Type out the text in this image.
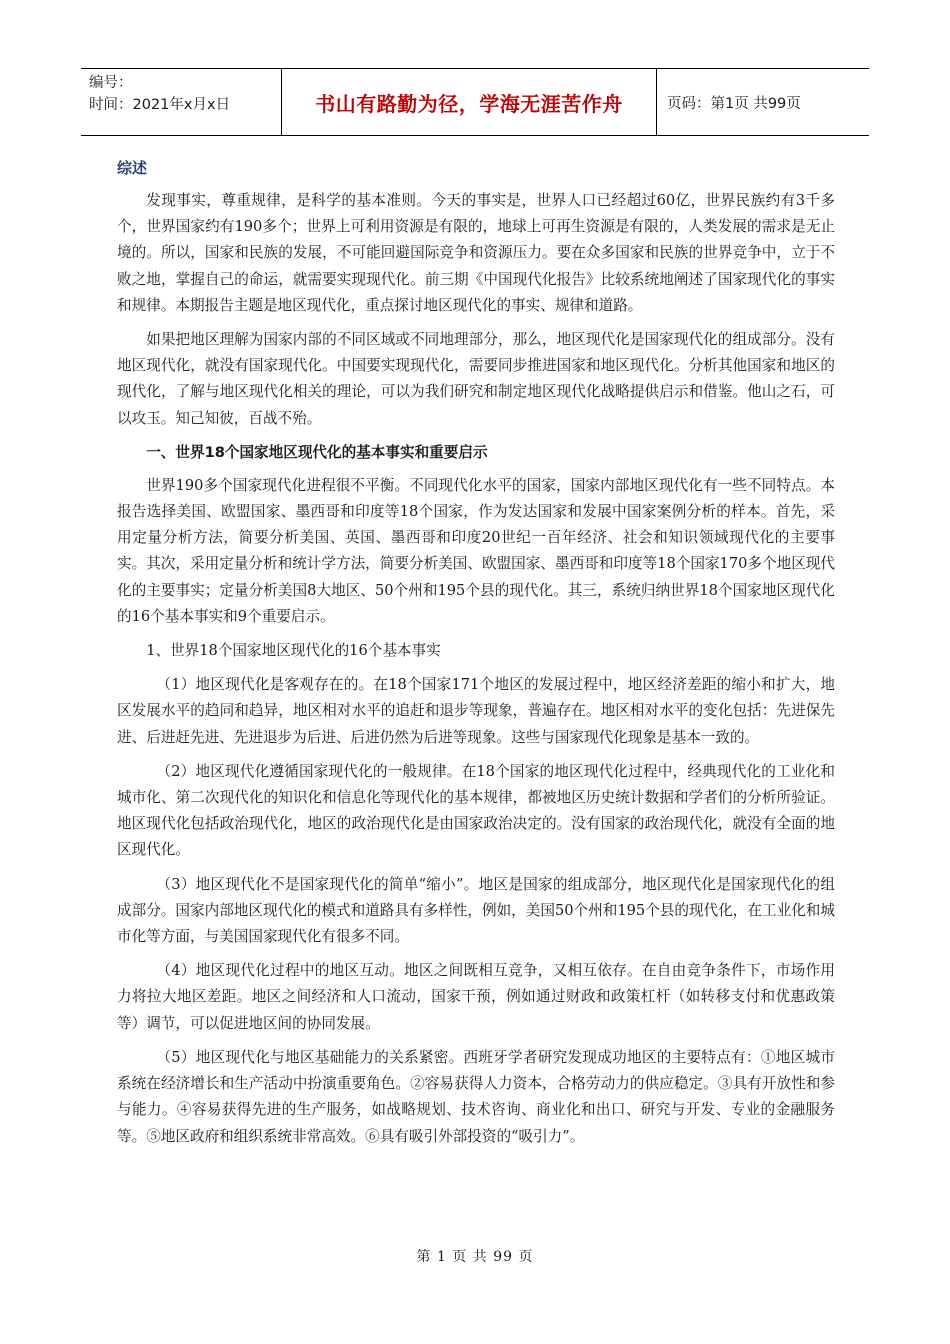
编号：
时间：2021年x月x日	书山有路勤为径，学海无涯苦作舟	页码：第1页 共99页
综述

发现事实，尊重规律，是科学的基本准则。今天的事实是，世界人口已经超过60亿，世界民族约有3千多个，世界国家约有190多个；世界上可利用资源是有限的，地球上可再生资源是有限的，人类发展的需求是无止境的。所以，国家和民族的发展，不可能回避国际竞争和资源压力。要在众多国家和民族的世界竞争中，立于不败之地，掌握自己的命运，就需要实现现代化。前三期《中国现代化报告》比较系统地阐述了国家现代化的事实和规律。本期报告主题是地区现代化，重点探讨地区现代化的事实、规律和道路。

如果把地区理解为国家内部的不同区域或不同地理部分，那么，地区现代化是国家现代化的组成部分。没有地区现代化，就没有国家现代化。中国要实现现代化，需要同步推进国家和地区现代化。分析其他国家和地区的现代化，了解与地区现代化相关的理论，可以为我们研究和制定地区现代化战略提供启示和借鉴。他山之石，可以攻玉。知己知彼，百战不殆。

一、世界18个国家地区现代化的基本事实和重要启示

世界190多个国家现代化进程很不平衡。不同现代化水平的国家，国家内部地区现代化有一些不同特点。本报告选择美国、欧盟国家、墨西哥和印度等18个国家，作为发达国家和发展中国家案例分析的样本。首先，采用定量分析方法，简要分析美国、英国、墨西哥和印度20世纪一百年经济、社会和知识领域现代化的主要事实。其次，采用定量分析和统计学方法，简要分析美国、欧盟国家、墨西哥和印度等18个国家170多个地区现代化的主要事实；定量分析美国8大地区、50个州和195个县的现代化。其三，系统归纳世界18个国家地区现代化的16个基本事实和9个重要启示。

1、世界18个国家地区现代化的16个基本事实

（1）地区现代化是客观存在的。在18个国家171个地区的发展过程中，地区经济差距的缩小和扩大，地区发展水平的趋同和趋异，地区相对水平的追赶和退步等现象，普遍存在。地区相对水平的变化包括：先进保先进、后进赶先进、先进退步为后进、后进仍然为后进等现象。这些与国家现代化现象是基本一致的。

（2）地区现代化遵循国家现代化的一般规律。在18个国家的地区现代化过程中，经典现代化的工业化和城市化、第二次现代化的知识化和信息化等现代化的基本规律，都被地区历史统计数据和学者们的分析所验证。地区现代化包括政治现代化，地区的政治现代化是由国家政治决定的。没有国家的政治现代化，就没有全面的地区现代化。

（3）地区现代化不是国家现代化的简单“缩小”。地区是国家的组成部分，地区现代化是国家现代化的组成部分。国家内部地区现代化的模式和道路具有多样性，例如，美国50个州和195个县的现代化，在工业化和城市化等方面，与美国国家现代化有很多不同。

（4）地区现代化过程中的地区互动。地区之间既相互竞争，又相互依存。在自由竞争条件下，市场作用力将拉大地区差距。地区之间经济和人口流动，国家干预，例如通过财政和政策杠杆（如转移支付和优惠政策等）调节，可以促进地区间的协同发展。

（5）地区现代化与地区基础能力的关系紧密。西班牙学者研究发现成功地区的主要特点有：①地区城市系统在经济增长和生产活动中扮演重要角色。②容易获得人力资本，合格劳动力的供应稳定。③具有开放性和参与能力。④容易获得先进的生产服务，如战略规划、技术咨询、商业化和出口、研究与开发、专业的金融服务等。⑤地区政府和组织系统非常高效。⑥具有吸引外部投资的“吸引力”。

第 1 页 共 99 页
